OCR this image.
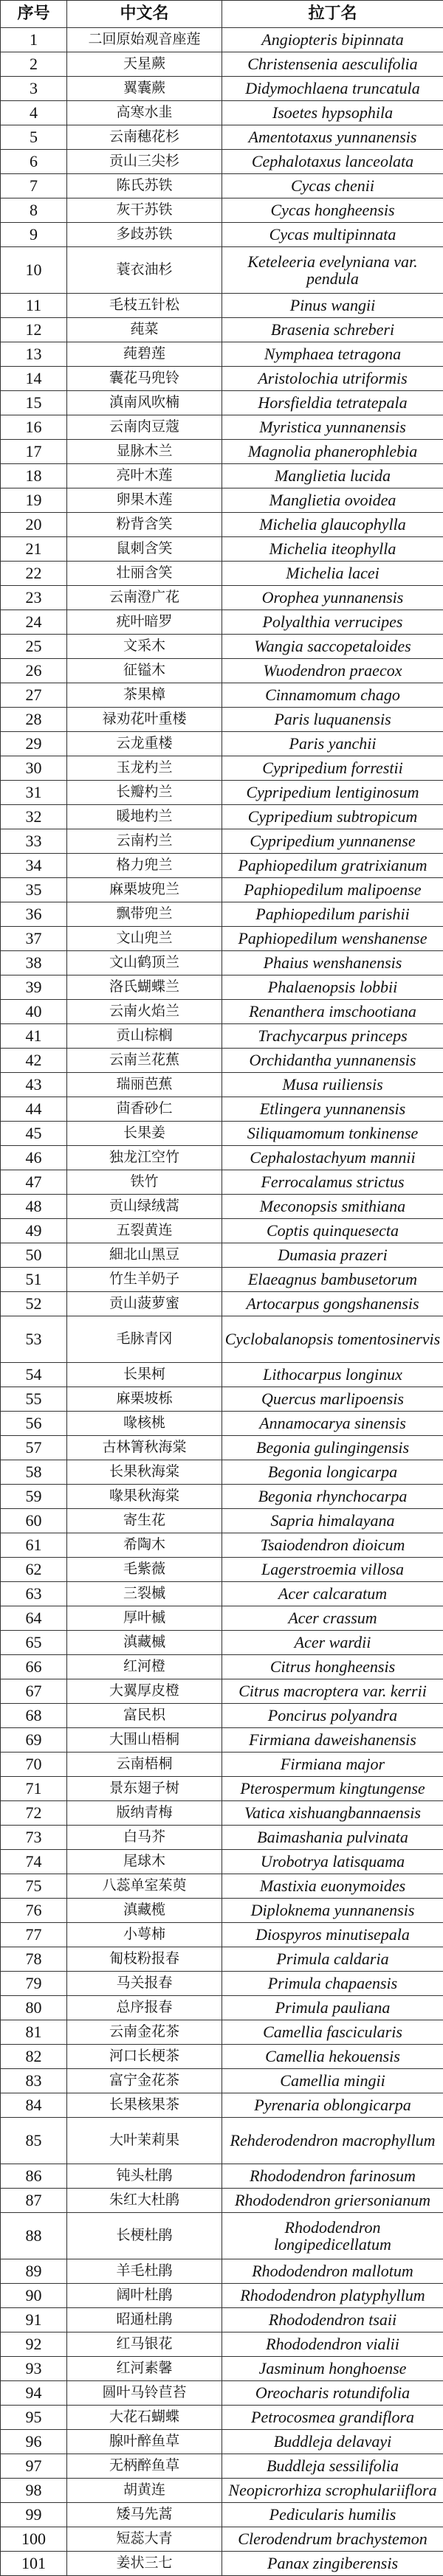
序号	中文名	拉丁名
1	二回原始观音座莲	Angiopteris bipinnata
2	天星蕨	Christensenia aesculifolia
3	翼囊蕨	Didymochlaena truncatula
4	高寒水韭	Isoetes hypsophila
5	云南穗花杉	Amentotaxus yunnanensis
6	贡山三尖杉	Cephalotaxus lanceolata
7	陈氏苏铁	Cycas chenii
8	灰干苏铁	Cycas hongheensis
9	多歧苏铁	Cycas multipinnata
10	蓑衣油杉	Keteleeria evelyniana var. pendula
11	毛枝五针松	Pinus wangii
12	莼菜	Brasenia schreberi
13	莼碧莲	Nymphaea tetragona
14	囊花马兜铃	Aristolochia utriformis
15	滇南风吹楠	Horsfieldia tetratepala
16	云南肉豆蔻	Myristica yunnanensis
17	显脉木兰	Magnolia phanerophlebia
18	亮叶木莲	Manglietia lucida
19	卵果木莲	Manglietia ovoidea
20	粉背含笑	Michelia glaucophylla
21	鼠刺含笑	Michelia iteophylla
22	壮丽含笑	Michelia lacei
23	云南澄广花	Orophea yunnanensis
24	疣叶暗罗	Polyalthia verrucipes
25	文采木	Wangia saccopetaloides
26	征镒木	Wuodendron praecox
27	茶果樟	Cinnamomum chago
28	禄劝花叶重楼	Paris luquanensis
29	云龙重楼	Paris yanchii
30	玉龙杓兰	Cypripedium forrestii
31	长瓣杓兰	Cypripedium lentiginosum
32	暖地杓兰	Cypripedium subtropicum
33	云南杓兰	Cypripedium yunnanense
34	格力兜兰	Paphiopedilum gratrixianum
35	麻栗坡兜兰	Paphiopedilum malipoense
36	飘带兜兰	Paphiopedilum parishii
37	文山兜兰	Paphiopedilum wenshanense
38	文山鹤顶兰	Phaius wenshanensis
39	洛氏蝴蝶兰	Phalaenopsis lobbii
40	云南火焰兰	Renanthera imschootiana
41	贡山棕榈	Trachycarpus princeps
42	云南兰花蕉	Orchidantha yunnanensis
43	瑞丽芭蕉	Musa ruiliensis
44	茴香砂仁	Etlingera yunnanensis
45	长果姜	Siliquamomum tonkinense
46	独龙江空竹	Cephalostachyum mannii
47	铁竹	Ferrocalamus strictus
48	贡山绿绒蒿	Meconopsis smithiana
49	五裂黄连	Coptis quinquesecta
50	細北山黑豆	Dumasia prazeri
51	竹生羊奶子	Elaeagnus bambusetorum
52	贡山菠萝蜜	Artocarpus gongshanensis
53	毛脉青冈	Cyclobalanopsis tomentosinervis
54	长果柯	Lithocarpus longinux
55	麻栗坡栎	Quercus marlipoensis
56	喙核桃	Annamocarya sinensis
57	古林箐秋海棠	Begonia gulingingensis
58	长果秋海棠	Begonia longicarpa
59	喙果秋海棠	Begonia rhynchocarpa
60	寄生花	Sapria himalayana
61	希陶木	Tsaiodendron dioicum
62	毛紫薇	Lagerstroemia villosa
63	三裂槭	Acer calcaratum
64	厚叶槭	Acer crassum
65	滇藏槭	Acer wardii
66	红河橙	Citrus hongheensis
67	大翼厚皮橙	Citrus macroptera var. kerrii
68	富民枳	Poncirus polyandra
69	大围山梧桐	Firmiana daweishanensis
70	云南梧桐	Firmiana major
71	景东翅子树	Pterospermum kingtungense
72	版纳青梅	Vatica xishuangbannaensis
73	白马芥	Baimashania pulvinata
74	尾球木	Urobotrya latisquama
75	八蕊单室茱萸	Mastixia euonymoides
76	滇藏榄	Diploknema yunnanensis
77	小萼柿	Diospyros minutisepala
78	匍枝粉报春	Primula caldaria
79	马关报春	Primula chapaensis
80	总序报春	Primula pauliana
81	云南金花茶	Camellia fascicularis
82	河口长梗茶	Camellia hekouensis
83	富宁金花茶	Camellia mingii
84	长果核果茶	Pyrenaria oblongicarpa
85	大叶茉莉果	Rehderodendron macrophyllum
86	钝头杜鹃	Rhododendron farinosum
87	朱红大杜鹃	Rhododendron griersonianum
88	长梗杜鹃	Rhododendron longipedicellatum
89	羊毛杜鹃	Rhododendron mallotum
90	阔叶杜鹃	Rhododendron platyphyllum
91	昭通杜鹃	Rhododendron tsaii
92	红马银花	Rhododendron vialii
93	红河素馨	Jasminum honghoense
94	圆叶马铃苣苔	Oreocharis rotundifolia
95	大花石蝴蝶	Petrocosmea grandiflora
96	腺叶醉鱼草	Buddleja delavayi
97	无柄醉鱼草	Buddleja sessilifolia
98	胡黄连	Neopicrorhiza scrophulariiflora
99	矮马先蒿	Pedicularis humilis
100	短蕊大青	Clerodendrum brachystemon
101	姜状三七	Panax zingiberensis
